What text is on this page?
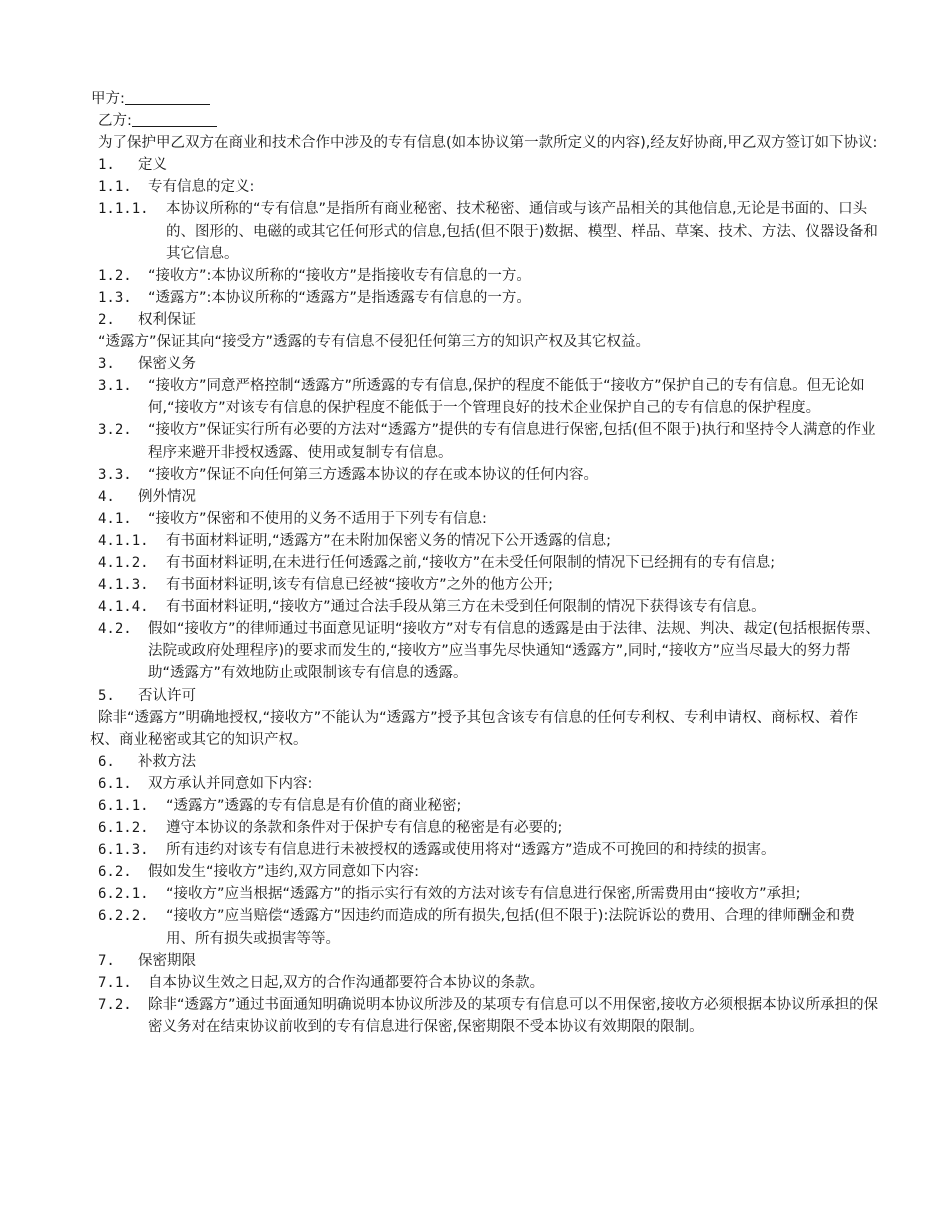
甲方:

乙方:

为了保护甲乙双方在商业和技术合作中涉及的专有信息(如本协议第一款所定义的内容),经友好协商,甲乙双方签订如下协议:

1.	定义
1.1.	专有信息的定义:
1.1.1.	本协议所称的“专有信息”是指所有商业秘密、技术秘密、通信或与该产品相关的其他信息,无论是书面的、口头的、图形的、电磁的或其它任何形式的信息,包括(但不限于)数据、模型、样品、草案、技术、方法、仪器设备和其它信息。
1.2.	“接收方”:本协议所称的“接收方”是指接收专有信息的一方。
1.3.	“透露方”:本协议所称的“透露方”是指透露专有信息的一方。
2.	权利保证

“透露方”保证其向“接受方”透露的专有信息不侵犯任何第三方的知识产权及其它权益。

3.	保密义务
3.1.	“接收方”同意严格控制“透露方”所透露的专有信息,保护的程度不能低于“接收方”保护自己的专有信息。但无论如何,“接收方”对该专有信息的保护程度不能低于一个管理良好的技术企业保护自己的专有信息的保护程度。
3.2.	“接收方”保证实行所有必要的方法对“透露方”提供的专有信息进行保密,包括(但不限于)执行和坚持令人满意的作业程序来避开非授权透露、使用或复制专有信息。
3.3.	“接收方”保证不向任何第三方透露本协议的存在或本协议的任何内容。
4.	例外情况
4.1.	“接收方”保密和不使用的义务不适用于下列专有信息:
4.1.1.	有书面材料证明,“透露方”在未附加保密义务的情况下公开透露的信息;
4.1.2.	有书面材料证明,在未进行任何透露之前,“接收方”在未受任何限制的情况下已经拥有的专有信息;
4.1.3.	有书面材料证明,该专有信息已经被“接收方”之外的他方公开;
4.1.4.	有书面材料证明,“接收方”通过合法手段从第三方在未受到任何限制的情况下获得该专有信息。
4.2.	假如“接收方”的律师通过书面意见证明“接收方”对专有信息的透露是由于法律、法规、判决、裁定(包括根据传票、法院或政府处理程序)的要求而发生的,“接收方”应当事先尽快通知“透露方”,同时,“接收方”应当尽最大的努力帮助“透露方”有效地防止或限制该专有信息的透露。
5.	否认许可

除非“透露方”明确地授权,“接收方”不能认为“透露方”授予其包含该专有信息的任何专利权、专利申请权、商标权、着作权、商业秘密或其它的知识产权。

6.	补救方法
6.1.	双方承认并同意如下内容:
6.1.1.	“透露方”透露的专有信息是有价值的商业秘密;
6.1.2.	遵守本协议的条款和条件对于保护专有信息的秘密是有必要的;
6.1.3.	所有违约对该专有信息进行未被授权的透露或使用将对“透露方”造成不可挽回的和持续的损害。
6.2.	假如发生“接收方”违约,双方同意如下内容:
6.2.1.	“接收方”应当根据“透露方”的指示实行有效的方法对该专有信息进行保密,所需费用由“接收方”承担;
6.2.2.	“接收方”应当赔偿“透露方”因违约而造成的所有损失,包括(但不限于):法院诉讼的费用、合理的律师酬金和费用、所有损失或损害等等。
7.	保密期限
7.1.	自本协议生效之日起,双方的合作沟通都要符合本协议的条款。
7.2.	除非“透露方”通过书面通知明确说明本协议所涉及的某项专有信息可以不用保密,接收方必须根据本协议所承担的保密义务对在结束协议前收到的专有信息进行保密,保密期限不受本协议有效期限的限制。
